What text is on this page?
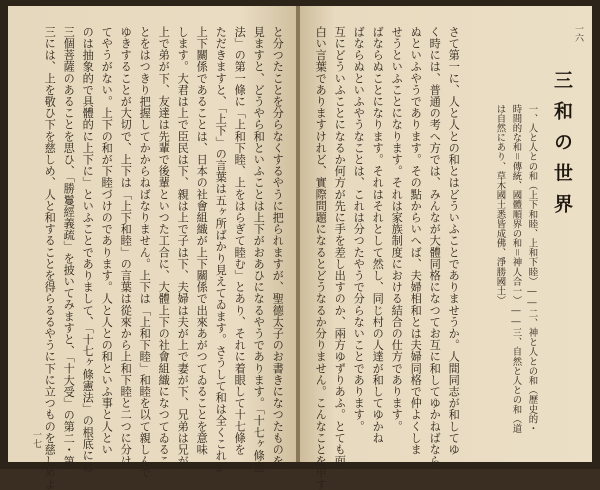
と分つたことを分らなくするやうに把られますが、聖德太子のお書きになつたものを
見ますと、どうやら和といふことは上下がおあひになるやうであります。「十七ヶ條憲
法」の第一條に「上和下睦、上をはらぎて睦む」とあり、それに着眼して十七條を
ただきますと、「上下」の言葉は五ヶ所ばかり見えてゐます。さうして和は全くこれが
上下關係であることは、日本の社會組織が上下關係で出來あがつてゐることを意味
します。大君は上で臣民は下、親は上で子は下、夫婦は夫が上で妻が下、兄弟は兄が
上で弟が下、友達は先輩で後輩といつた工合に、大體上下の社會組織になつてゐるこ
とをはつきり把握してかからねばなりません。上下は「上和下睦」和睦を以て親しんで
ゆきすることが大切で、上下は「上下和睦」の言葉は從來から上和下睦と二つに分け
てやうがない。上下の和が下睦づけのであります。人と人との和といふ事と人とい
のは抽象的で具體的に上下に」といふことでありまして、「十七ヶ條憲法」の根底には
三個菩薩のあることを思ひ、「勝鬘經義疏」を披いてみますと、「十大受」の第二・第
三には、上を敬ひ下を慈しめ、人と和することを得らるるやうに下に立つものを慈しめよ
一七
三和の世界
一、人と人との和（上下和睦、上和下睦）――二、神と人との和（歷史的・
時間的な和＝傳統、國體順界の和＝神人合一）――三、自然と人との和（道
は自然にあり、草木國土悉皆成佛、淨勝國土）
さて第一に、人と人との和とはどういふことでありませうか。人間同志が和してゆ
く時には、普通の考へ方では、みんなが大體同格になつてお互に和してゆかねばなら
ぬといふやうであります。その點からいへば、夫婦相和とは夫婦同格で仲よくしま
せうといふことになります。それは家族制度における結合の仕方であります。
ばならぬことになります。それはそれとして然し、同じ村の人達が和してゆかね
ばならぬといふやうなことは、これは分つたやうで分らないことであります。
互にどういふことになるか何方が先に手を差し出すのか、兩方ゆずりあふ。とても面
白い言葉でありますけれど、實際問題になるとどうなるか分りません。こんなことを申す	一六
